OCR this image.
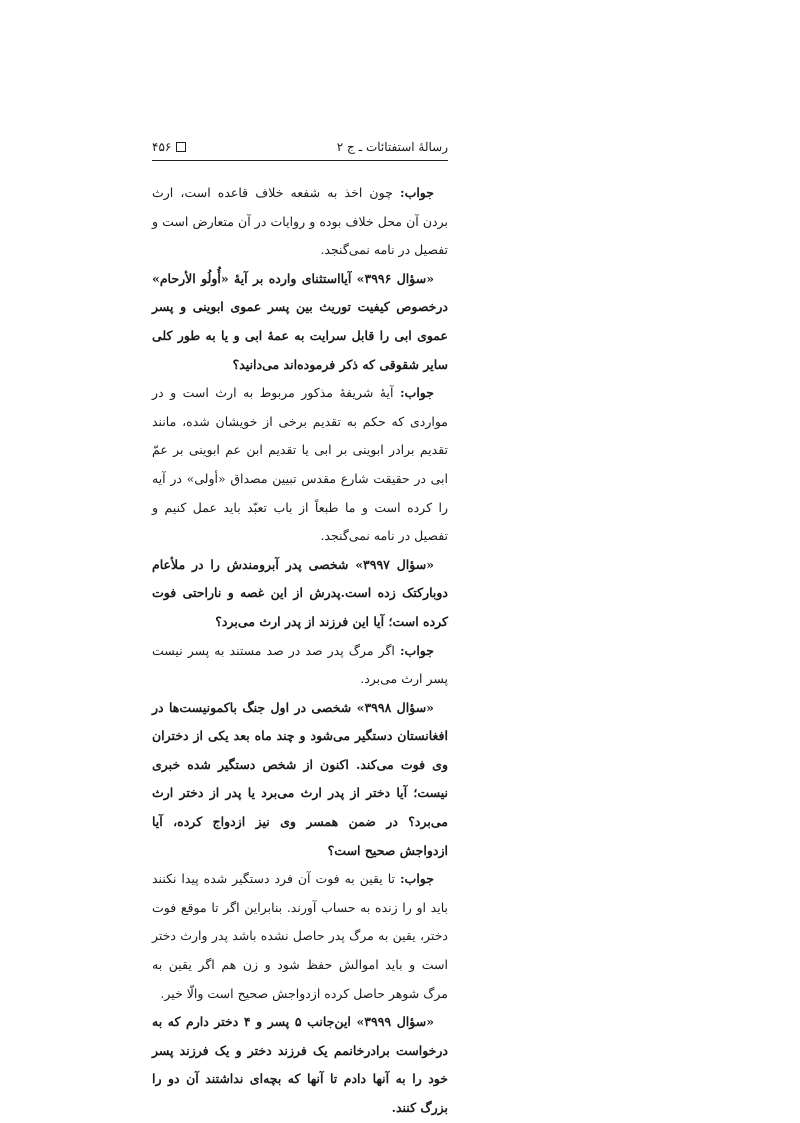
رسالهٔ استفتائات ـ ج ۲
۴۵۶

جواب: چون اخذ به شفعه خلاف قاعده است، ارث بردن آن محل خلاف بوده و روایات در آن متعارض است و تفصیل در نامه نمی‌گنجد.

«سؤال ۳۹۹۶» آیااستثنای وارده بر آیهٔ «أُولُو الأرحام» درخصوص کیفیت توریث بین پسر عموی ابوینی و پسر عموی ابی را قابل سرایت به عمهٔ ابی و یا به طور کلی سایر شقوقی که ذکر فرموده‌اند می‌دانید؟

جواب: آیهٔ شریفهٔ مذکور مربوط به ارث است و در مواردی که حکم به تقدیم برخی از خویشان شده، مانند تقدیم برادر ابوینی بر ابی یا تقدیم ابن عم ابوینی بر عمّ ابی در حقیقت شارع مقدس تبیین مصداق «أولی» در آیه را کرده است و ما طبعاً از باب تعبّد باید عمل کنیم و تفصیل در نامه نمی‌گنجد.

«سؤال ۳۹۹۷» شخصی پدر آبرومندش را در ملأعام دوبارکتک زده است.پدرش از این غصه و ناراحتی فوت کرده است؛ آیا این فرزند از پدر ارث می‌برد؟

جواب: اگر مرگ پدر صد در صد مستند به پسر نیست پسر ارث می‌برد.

«سؤال ۳۹۹۸» شخصی در اول جنگ باکمونیست‌ها در افغانستان دستگیر می‌شود و چند ماه بعد یکی از دختران وی فوت می‌کند. اکنون از شخص دستگیر شده خبری نیست؛ آیا دختر از پدر ارث می‌برد یا پدر از دختر ارث می‌برد؟ در ضمن همسر وی نیز ازدواج کرده، آیا ازدواجش صحیح است؟

جواب: تا یقین به فوت آن فرد دستگیر شده پیدا نکنند باید او را زنده به حساب آورند. بنابراین اگر تا موقع فوت دختر، یقین به مرگ پدر حاصل نشده باشد پدر وارث دختر است و باید اموالش حفظ شود و زن هم اگر یقین به مرگ شوهر حاصل کرده ازدواجش صحیح است والّا خیر.

«سؤال ۳۹۹۹» این‌جانب ۵ پسر و ۴ دختر دارم که به درخواست برادرخانمم یک فرزند دختر و یک فرزند پسر خود را به آنها دادم تا آنها که بچه‌ای نداشتند آن دو را بزرگ کنند.
